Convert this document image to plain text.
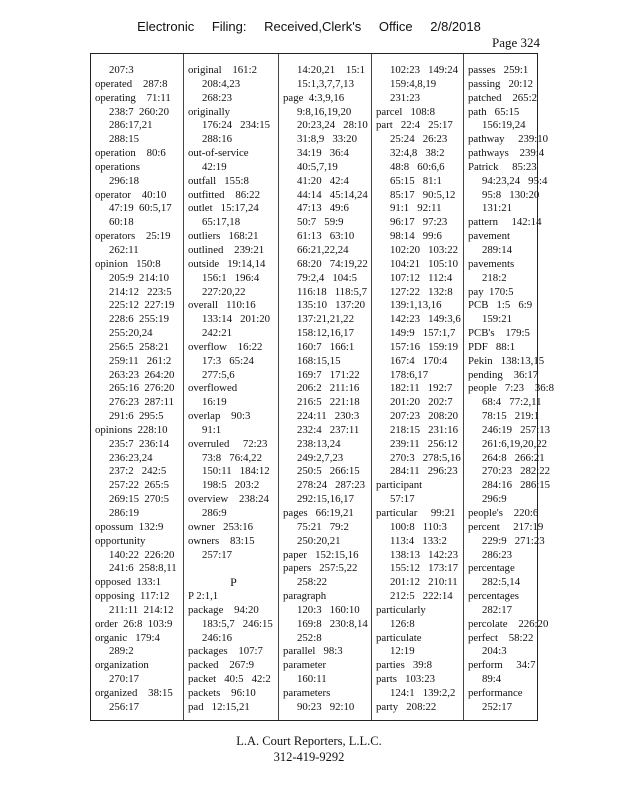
Electronic Filing: Received,Clerk's Office 2/8/2018
Page 324
207:3
operated    287:8
operating    71:11
238:7  260:20
286:17,21
288:15
operation    80:6
operations
296:18
operator    40:10
47:19  60:5,17
60:18
operators    25:19
262:11
opinion   150:8
205:9  214:10
214:12   223:5
225:12  227:19
228:6  255:19
255:20,24
256:5  258:21
259:11   261:2
263:23  264:20
265:16  276:20
276:23  287:11
291:6  295:5
opinions  228:10
235:7  236:14
236:23,24
237:2   242:5
257:22  265:5
269:15  270:5
286:19
opossum  132:9
opportunity
140:22  226:20
241:6  258:8,11
opposed  133:1
opposing  117:12
211:11  214:12
order  26:8  103:9
organic   179:4
289:2
organization
270:17
organized    38:15
256:17
original    161:2
208:4,23
268:23
originally
176:24   234:15
288:16
out-of-service
42:19
outfall   155:8
outfitted    86:22
outlet   15:17,24
65:17,18
outliers   168:21
outlined    239:21
outside   19:14,14
156:1   196:4
227:20,22
overall   110:16
133:14   201:20
242:21
overflow    16:22
17:3   65:24
277:5,6
overflowed
16:19
overlap    90:3
91:1
overruled     72:23
73:8   76:4,22
150:11   184:12
198:5   203:2
overview    238:24
286:9
owner   253:16
owners    83:15
257:17
P
P 2:1,1
package    94:20
183:5,7   246:15
246:16
packages    107:7
packed    267:9
packet   40:5   42:2
packets    96:10
pad   12:15,21
14:20,21    15:1
15:1,3,7,7,13
page  4:3,9,16
9:8,16,19,20
20:23,24   28:10
31:8,9   33:20
34:19   36:4
40:5,7,19
41:20   42:4
44:14   45:14,24
47:13   49:6
50:7   59:9
61:13   63:10
66:21,22,24
68:20   74:19,22
79:2,4   104:5
116:18   118:5,7
135:10   137:20
137:21,21,22
158:12,16,17
160:7   166:1
168:15,15
169:7   171:22
206:2   211:16
216:5   221:18
224:11   230:3
232:4   237:11
238:13,24
249:2,7,23
250:5   266:15
278:24   287:23
292:15,16,17
pages   66:19,21
75:21   79:2
250:20,21
paper   152:15,16
papers   257:5,22
258:22
paragraph
120:3   160:10
169:8   230:8,14
252:8
parallel   98:3
parameter
160:11
parameters
90:23   92:10
102:23   149:24
159:4,8,19
231:23
parcel   108:8
part   22:4   25:17
25:24   26:23
32:4,8   38:2
48:8   60:6,6
65:15   81:1
85:17   90:5,12
91:1   92:11
96:17   97:23
98:14   99:6
102:20   103:22
104:21   105:10
107:12   112:4
127:22   132:8
139:1,13,16
142:23   149:3,6
149:9   157:1,7
157:16   159:19
167:4   170:4
178:6,17
182:11   192:7
201:20   202:7
207:23   208:20
218:15   231:16
239:11   256:12
270:3   278:5,16
284:11   296:23
participant
57:17
particular     99:21
100:8   110:3
113:4   133:2
138:13   142:23
155:12   173:17
201:12   210:11
212:5   222:14
particularly
126:8
particulate
12:19
parties   39:8
parts   103:23
124:1   139:2,2
party   208:22
passes   259:1
passing   20:12
patched    265:2
path   65:15
156:19,24
pathway     239:10
pathways    239:4
Patrick     85:23
94:23,24   95:4
95:8   130:20
131:21
pattern     142:14
pavement
289:14
pavements
218:2
pay  170:5
PCB   1:5   6:9
159:21
PCB's    179:5
PDF   88:1
Pekin   138:13,15
pending    36:17
people   7:23    36:8
68:4   77:2,11
78:15   219:1
246:19   257:13
261:6,19,20,22
264:8   266:21
270:23   282:22
284:16   286:15
296:9
people's    220:6
percent     217:19
229:9   271:23
286:23
percentage
282:5,14
percentages
282:17
percolate    226:20
perfect    58:22
204:3
perform     34:7
89:4
performance
252:17
L.A. Court Reporters, L.L.C.
312-419-9292
